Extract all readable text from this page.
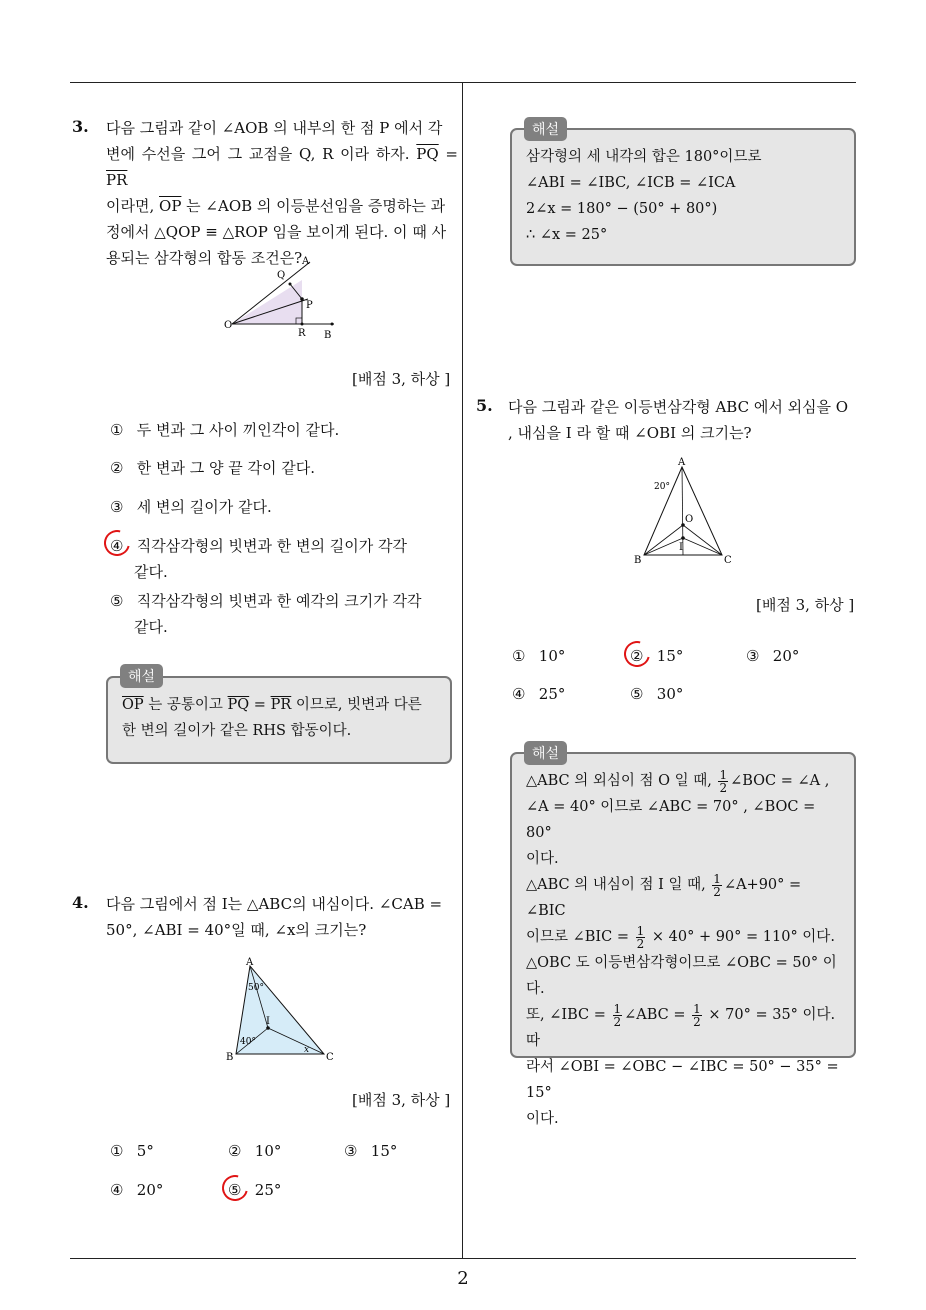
3. 다음 그림과 같이 ∠AOB 의 내부의 한 점 P 에서 각
변에 수선을 그어 그 교점을 Q, R 이라 하자. $\overline{PQ} = \overline{PR}$
이라면, $\overline{OP}$ 는 ∠AOB 의 이등분선임을 증명하는 과
정에서 △QOP ≡ △ROP 임을 보이게 된다. 이 때 사
용되는 삼각형의 합동 조건은? A
Q
P
O
R B
[배점 3, 하상 ]
① 두 변과 그 사이 끼인각이 같다.
② 한 변과 그 양 끝 각이 같다.
③ 세 변의 길이가 같다.
④ 직각삼각형의 빗변과 한 변의 길이가 각각
같다.
⑤ 직각삼각형의 빗변과 한 예각의 크기가 각각
같다.
$\overline{OP}$ 는 공통이고 $\overline{PQ} = \overline{PR}$ 이므로, 빗변과 다른
한 변의 길이가 같은 RHS 합동이다.
해설
4. 다음 그림에서 점 I는 △ABC의 내심이다. ∠CAB =
50°, ∠ABI = 40°일 때, ∠x의 크기는?
A
B	C
I
50°
40°
x
[배점 3, 하상 ]
① 5°	② 10°	③ 15°
④ 20°	⑤ 25°
삼각형의 세 내각의 합은 180°이므로
∠ABI = ∠IBC, ∠ICB = ∠ICA
2∠x = 180° − (50° + 80°)
∴ ∠x = 25°
해설
5. 다음 그림과 같은 이등변삼각형 ABC 에서 외심을 O
, 내심을 I 라 할 때 ∠OBI 의 크기는?
A
20°
O
I
B	C
[배점 3, 하상 ]
① 10°	② 15°	③ 20°
④ 25°	⑤ 30°
△ABC 의 외심이 점 O 일 때, $\frac{1}{2}$ ∠BOC = ∠A ,
∠A = 40° 이므로 ∠ABC = 70° , ∠BOC = 80°
이다.
△ABC 의 내심이 점 I 일 때, $\frac{1}{2}$ ∠A+90° = ∠BIC
이므로 ∠BIC = $\frac{1}{2} \times 40^\circ + 90^\circ = 110^\circ$ 이다.
△OBC 도 이등변삼각형이므로 ∠OBC = 50° 이
다.
또, ∠IBC = $\frac{1}{2}$ ∠ABC = $\frac{1}{2} \times 70^\circ = 35^\circ$ 이다. 따
라서 ∠OBI = ∠OBC − ∠IBC = 50° − 35° = 15°
이다.
해설
2
